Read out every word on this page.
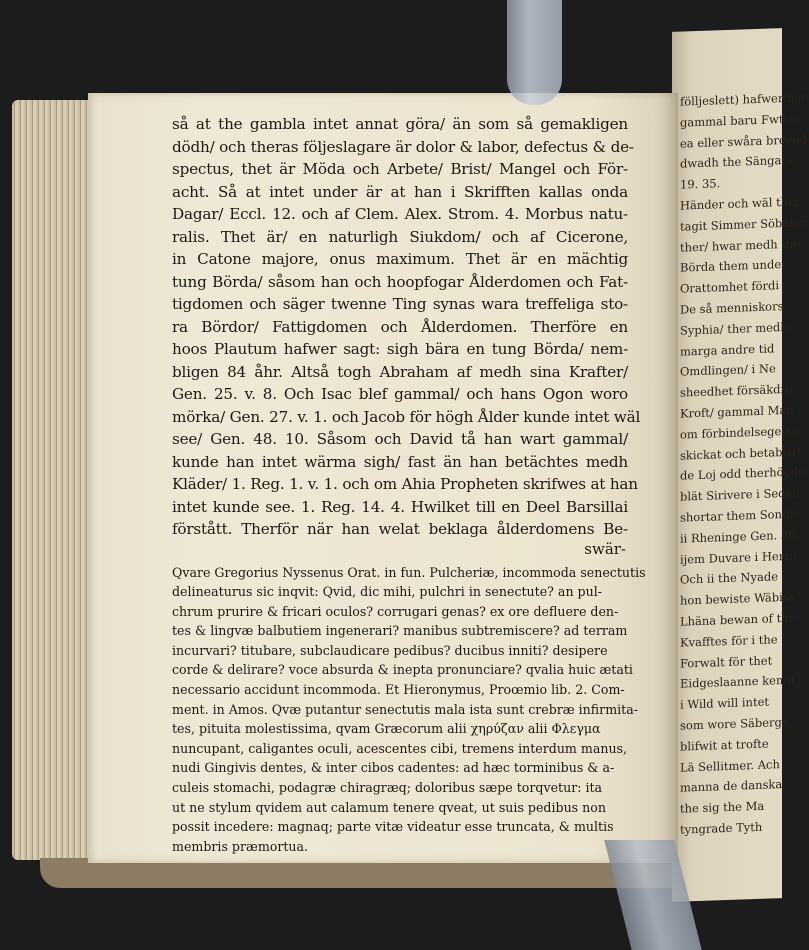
fölljeslett) hafwer han
gammal baru Fwtter
ea eller swåra brevad
dwadh the Sängare
19. 35.
Händer och wäl ther
tagit Simmer Söbalar
ther/ hwar medh the
Börda them under
Orattomhet fördi
De så menniskors
Syphia/ ther medh
marga andre tid
Omdlingen/ i Ne
sheedhet försäkdre
Kroft/ gammal Man
om förbindelsegelse
skickat och betabbat
de Loj odd therhögde
blät Sirivere i Sedan
shortar them Sonde
ii Rheninge Gen. 30
ijem Duvare i Herrn
Och ii the Nyade
hon bewiste Wäbisk
Lhäna bewan of the
Kvafftes för i the
Forwalt för thet
Eidgeslaanne kemit
i Wild will intet
som wore Säbergs
blifwit at trofte
Lä Sellitmer. Ach
manna de danska
the sig the Ma
tyngrade Tyth
så at the gambla intet annat göra/ än som så gemakligen
dödh/ och theras följeslagare är dolor & labor, defectus & de-
spectus, thet är Möda och Arbete/ Brist/ Mangel och För-
acht. Så at intet under är at han i Skrifften kallas onda
Dagar/ Eccl. 12. och af Clem. Alex. Strom. 4. Morbus natu-
ralis. Thet är/ en naturligh Siukdom/ och af Cicerone,
in Catone majore, onus maximum. Thet är en mächtig
tung Börda/ såsom han och hoopfogar Ålderdomen och Fat-
tigdomen och säger twenne Ting synas wara treffeliga sto-
ra Bördor/ Fattigdomen och Ålderdomen. Therföre en
hoos Plautum hafwer sagt: sigh bära en tung Börda/ nem-
bligen 84 åhr. Altså togh Abraham af medh sina Krafter/
Gen. 25. v. 8. Och Isac blef gammal/ och hans Ogon woro
mörka/ Gen. 27. v. 1. och Jacob för högh Ålder kunde intet wäl
see/ Gen. 48. 10. Såsom och David tå han wart gammal/
kunde han intet wärma sigh/ fast än han betächtes medh
Kläder/ 1. Reg. 1. v. 1. och om Ahia Propheten skrifwes at han
intet kunde see. 1. Reg. 14. 4. Hwilket till en Deel Barsillai
förstått. Therför när han welat beklaga ålderdomens Be-
swär-
Qvare Gregorius Nyssenus Orat. in fun. Pulcheriæ, incommoda senectutis
delineaturus sic inqvit: Qvid, dic mihi, pulchri in senectute? an pul-
chrum prurire & fricari oculos? corrugari genas? ex ore defluere den-
tes & lingvæ balbutiem ingenerari? manibus subtremiscere? ad terram
incurvari? titubare, subclaudicare pedibus? ducibus inniti? desipere
corde & delirare? voce absurda & inepta pronunciare? qvalia huic ætati
necessario accidunt incommoda. Et Hieronymus, Proœmio lib. 2. Com-
ment. in Amos. Qvæ putantur senectutis mala ista sunt crebræ infirmita-
tes, pituita molestissima, qvam Græcorum alii χηρύζαν alii Φλεγμα
nuncupant, caligantes oculi, acescentes cibi, tremens interdum manus,
nudi Gingivis dentes, & inter cibos cadentes: ad hæc torminibus & a-
culeis stomachi, podagræ chiragræq; doloribus sæpe torqvetur: ita
ut ne stylum qvidem aut calamum tenere qveat, ut suis pedibus non
possit incedere: magnaq; parte vitæ videatur esse truncata, & multis
membris præmortua.
